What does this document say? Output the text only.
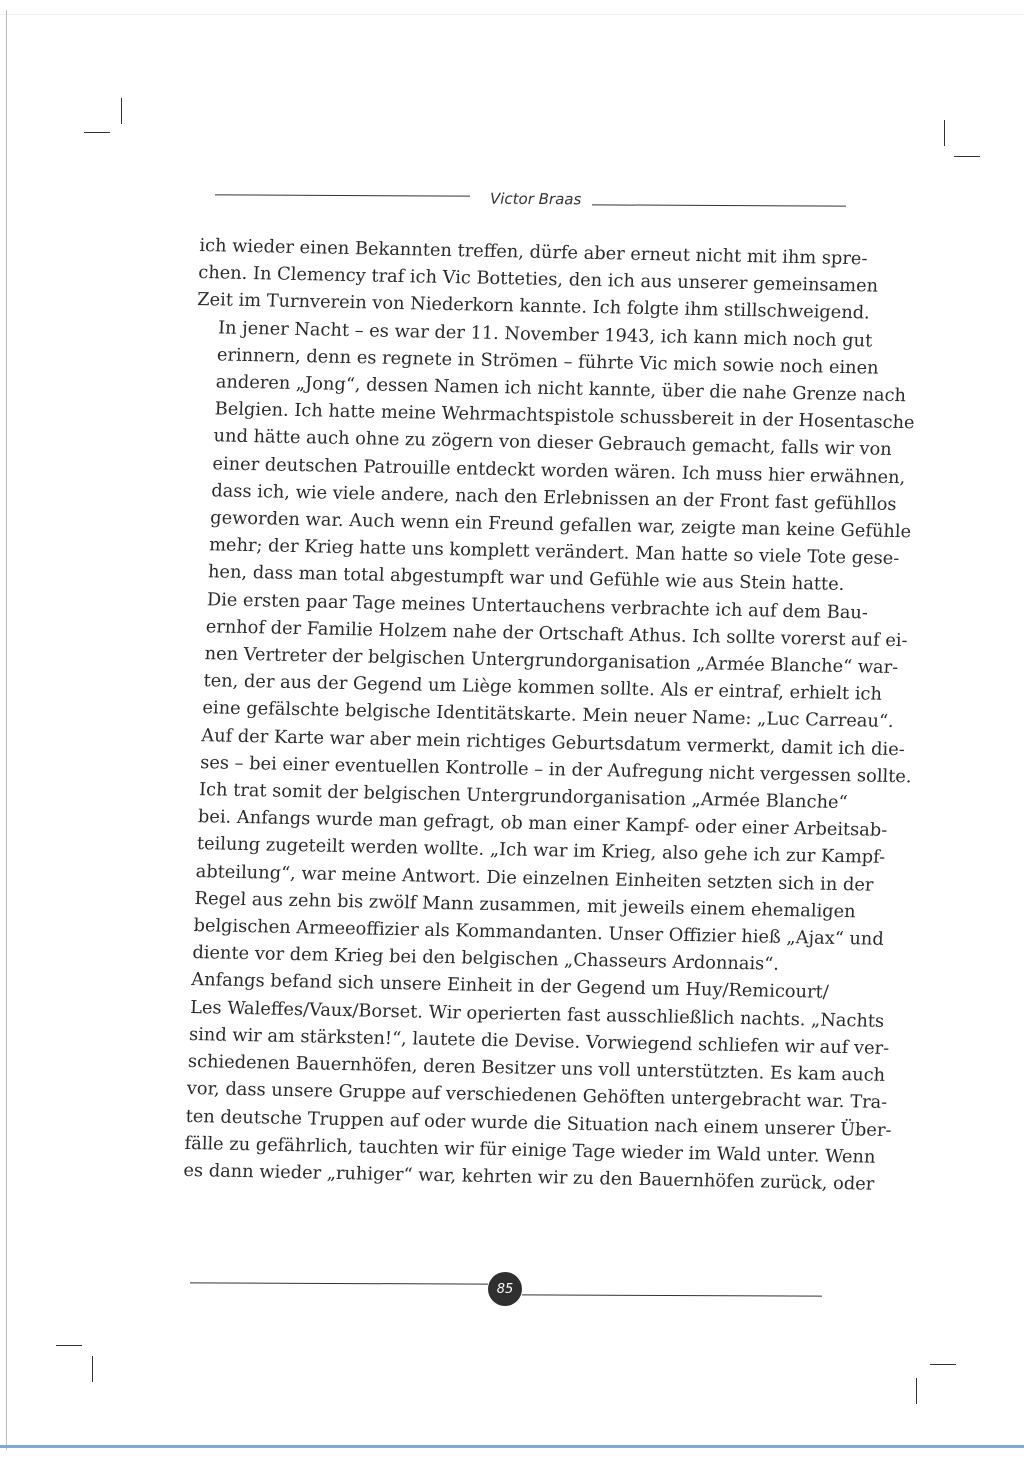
Victor Braas

ich wieder einen Bekannten treffen, dürfe aber erneut nicht mit ihm spre-
chen. In Clemency traf ich Vic Botteties, den ich aus unserer gemeinsamen
Zeit im Turnverein von Niederkorn kannte. Ich folgte ihm stillschweigend.

In jener Nacht – es war der 11. November 1943, ich kann mich noch gut
erinnern, denn es regnete in Strömen – führte Vic mich sowie noch einen
anderen „Jong“, dessen Namen ich nicht kannte, über die nahe Grenze nach
Belgien. Ich hatte meine Wehrmachtspistole schussbereit in der Hosentasche
und hätte auch ohne zu zögern von dieser Gebrauch gemacht, falls wir von
einer deutschen Patrouille entdeckt worden wären. Ich muss hier erwähnen,
dass ich, wie viele andere, nach den Erlebnissen an der Front fast gefühllos
geworden war. Auch wenn ein Freund gefallen war, zeigte man keine Gefühle
mehr; der Krieg hatte uns komplett verändert. Man hatte so viele Tote gese-
hen, dass man total abgestumpft war und Gefühle wie aus Stein hatte.

Die ersten paar Tage meines Untertauchens verbrachte ich auf dem Bau-
ernhof der Familie Holzem nahe der Ortschaft Athus. Ich sollte vorerst auf ei-
nen Vertreter der belgischen Untergrundorganisation „Armée Blanche“ war-
ten, der aus der Gegend um Liège kommen sollte. Als er eintraf, erhielt ich
eine gefälschte belgische Identitätskarte. Mein neuer Name: „Luc Carreau“.
Auf der Karte war aber mein richtiges Geburtsdatum vermerkt, damit ich die-
ses – bei einer eventuellen Kontrolle – in der Aufregung nicht vergessen sollte.

Ich trat somit der belgischen Untergrundorganisation „Armée Blanche“
bei. Anfangs wurde man gefragt, ob man einer Kampf- oder einer Arbeitsab-
teilung zugeteilt werden wollte. „Ich war im Krieg, also gehe ich zur Kampf-
abteilung“, war meine Antwort. Die einzelnen Einheiten setzten sich in der
Regel aus zehn bis zwölf Mann zusammen, mit jeweils einem ehemaligen
belgischen Armeeoffizier als Kommandanten. Unser Offizier hieß „Ajax“ und
diente vor dem Krieg bei den belgischen „Chasseurs Ardonnais“.

Anfangs befand sich unsere Einheit in der Gegend um Huy/Remicourt/
Les Waleffes/Vaux/Borset. Wir operierten fast ausschließlich nachts. „Nachts
sind wir am stärksten!“, lautete die Devise. Vorwiegend schliefen wir auf ver-
schiedenen Bauernhöfen, deren Besitzer uns voll unterstützten. Es kam auch
vor, dass unsere Gruppe auf verschiedenen Gehöften untergebracht war. Tra-
ten deutsche Truppen auf oder wurde die Situation nach einem unserer Über-
fälle zu gefährlich, tauchten wir für einige Tage wieder im Wald unter. Wenn
es dann wieder „ruhiger“ war, kehrten wir zu den Bauernhöfen zurück, oder

85
